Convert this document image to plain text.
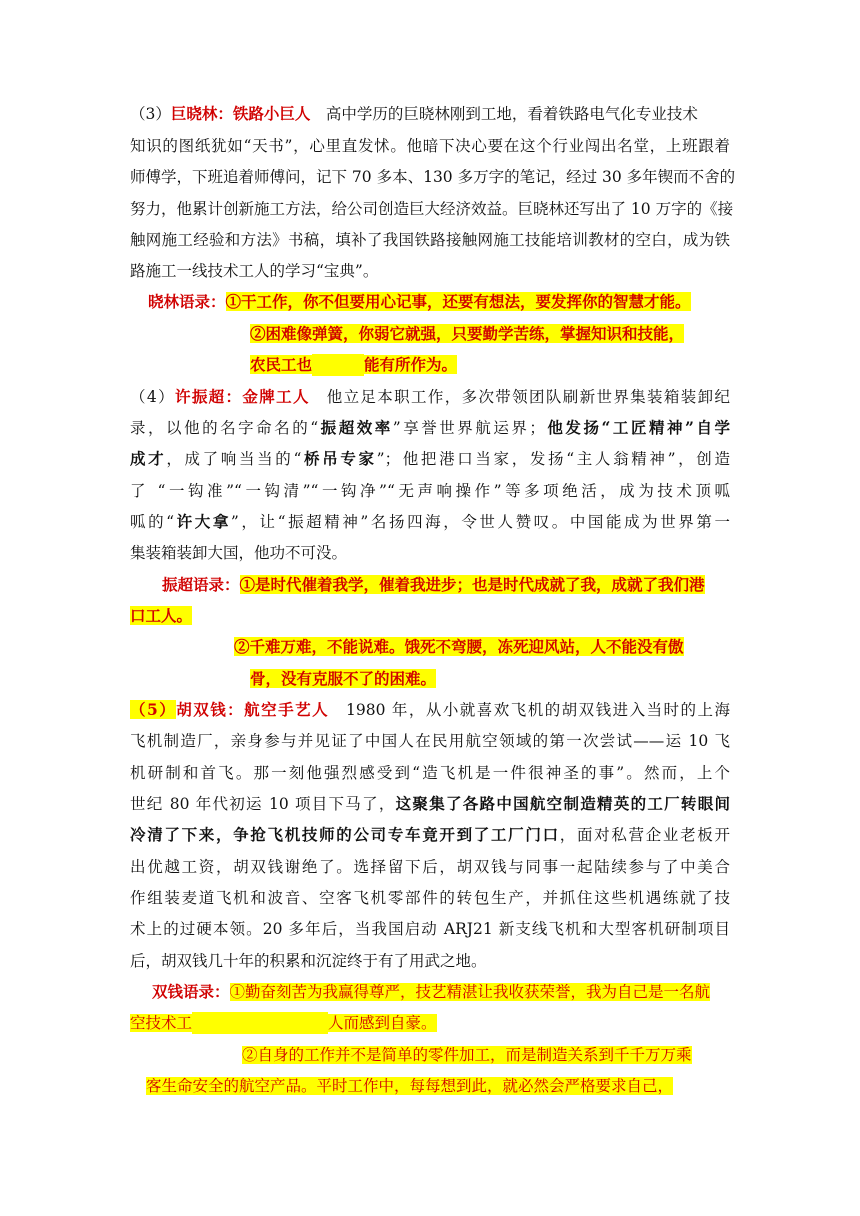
（3）巨晓林：铁路小巨人　高中学历的巨晓林刚到工地，看着铁路电气化专业技术
知识的图纸犹如“天书”，心里直发怵。他暗下决心要在这个行业闯出名堂，上班跟着
师傅学，下班追着师傅问，记下 70 多本、130 多万字的笔记，经过 30 多年锲而不舍的
努力，他累计创新施工方法，给公司创造巨大经济效益。巨晓林还写出了 10 万字的《接
触网施工经验和方法》书稿，填补了我国铁路接触网施工技能培训教材的空白，成为铁
路施工一线技术工人的学习“宝典”。
晓林语录：①干工作，你不但要用心记事，还要有想法，要发挥你的智慧才能。
②困难像弹簧，你弱它就强，只要勤学苦练，掌握知识和技能，
农民工也	能有所作为。
（4）许振超：金牌工人　他立足本职工作，多次带领团队刷新世界集装箱装卸纪
录，以他的名字命名的“振超效率”享誉世界航运界；他发扬“工匠精神”自学
成才，成了响当当的“桥吊专家”；他把港口当家，发扬“主人翁精神”，创造
了 “一钩准”“一钩清”“一钩净”“无声响操作”等多项绝活，成为技术顶呱
呱的“许大拿”，让“振超精神”名扬四海，令世人赞叹。中国能成为世界第一
集装箱装卸大国，他功不可没。
振超语录：①是时代催着我学，催着我进步；也是时代成就了我，成就了我们港
口工人。
②千难万难，不能说难。饿死不弯腰，冻死迎风站，人不能没有傲
骨，没有克服不了的困难。
（5）胡双钱：航空手艺人　1980 年，从小就喜欢飞机的胡双钱进入当时的上海
飞机制造厂，亲身参与并见证了中国人在民用航空领域的第一次尝试——运 10 飞
机研制和首飞。那一刻他强烈感受到“造飞机是一件很神圣的事”。然而，上个
世纪 80 年代初运 10 项目下马了，这聚集了各路中国航空制造精英的工厂转眼间
冷清了下来，争抢飞机技师的公司专车竟开到了工厂门口，面对私营企业老板开
出优越工资，胡双钱谢绝了。选择留下后，胡双钱与同事一起陆续参与了中美合
作组装麦道飞机和波音、空客飞机零部件的转包生产，并抓住这些机遇练就了技
术上的过硬本领。20 多年后，当我国启动 ARJ21 新支线飞机和大型客机研制项目
后，胡双钱几十年的积累和沉淀终于有了用武之地。
双钱语录：①勤奋刻苦为我赢得尊严，技艺精湛让我收获荣誉，我为自己是一名航
空技术工	人而感到自豪。
②自身的工作并不是简单的零件加工，而是制造关系到千千万万乘
客生命安全的航空产品。平时工作中，每每想到此，就必然会严格要求自己，
